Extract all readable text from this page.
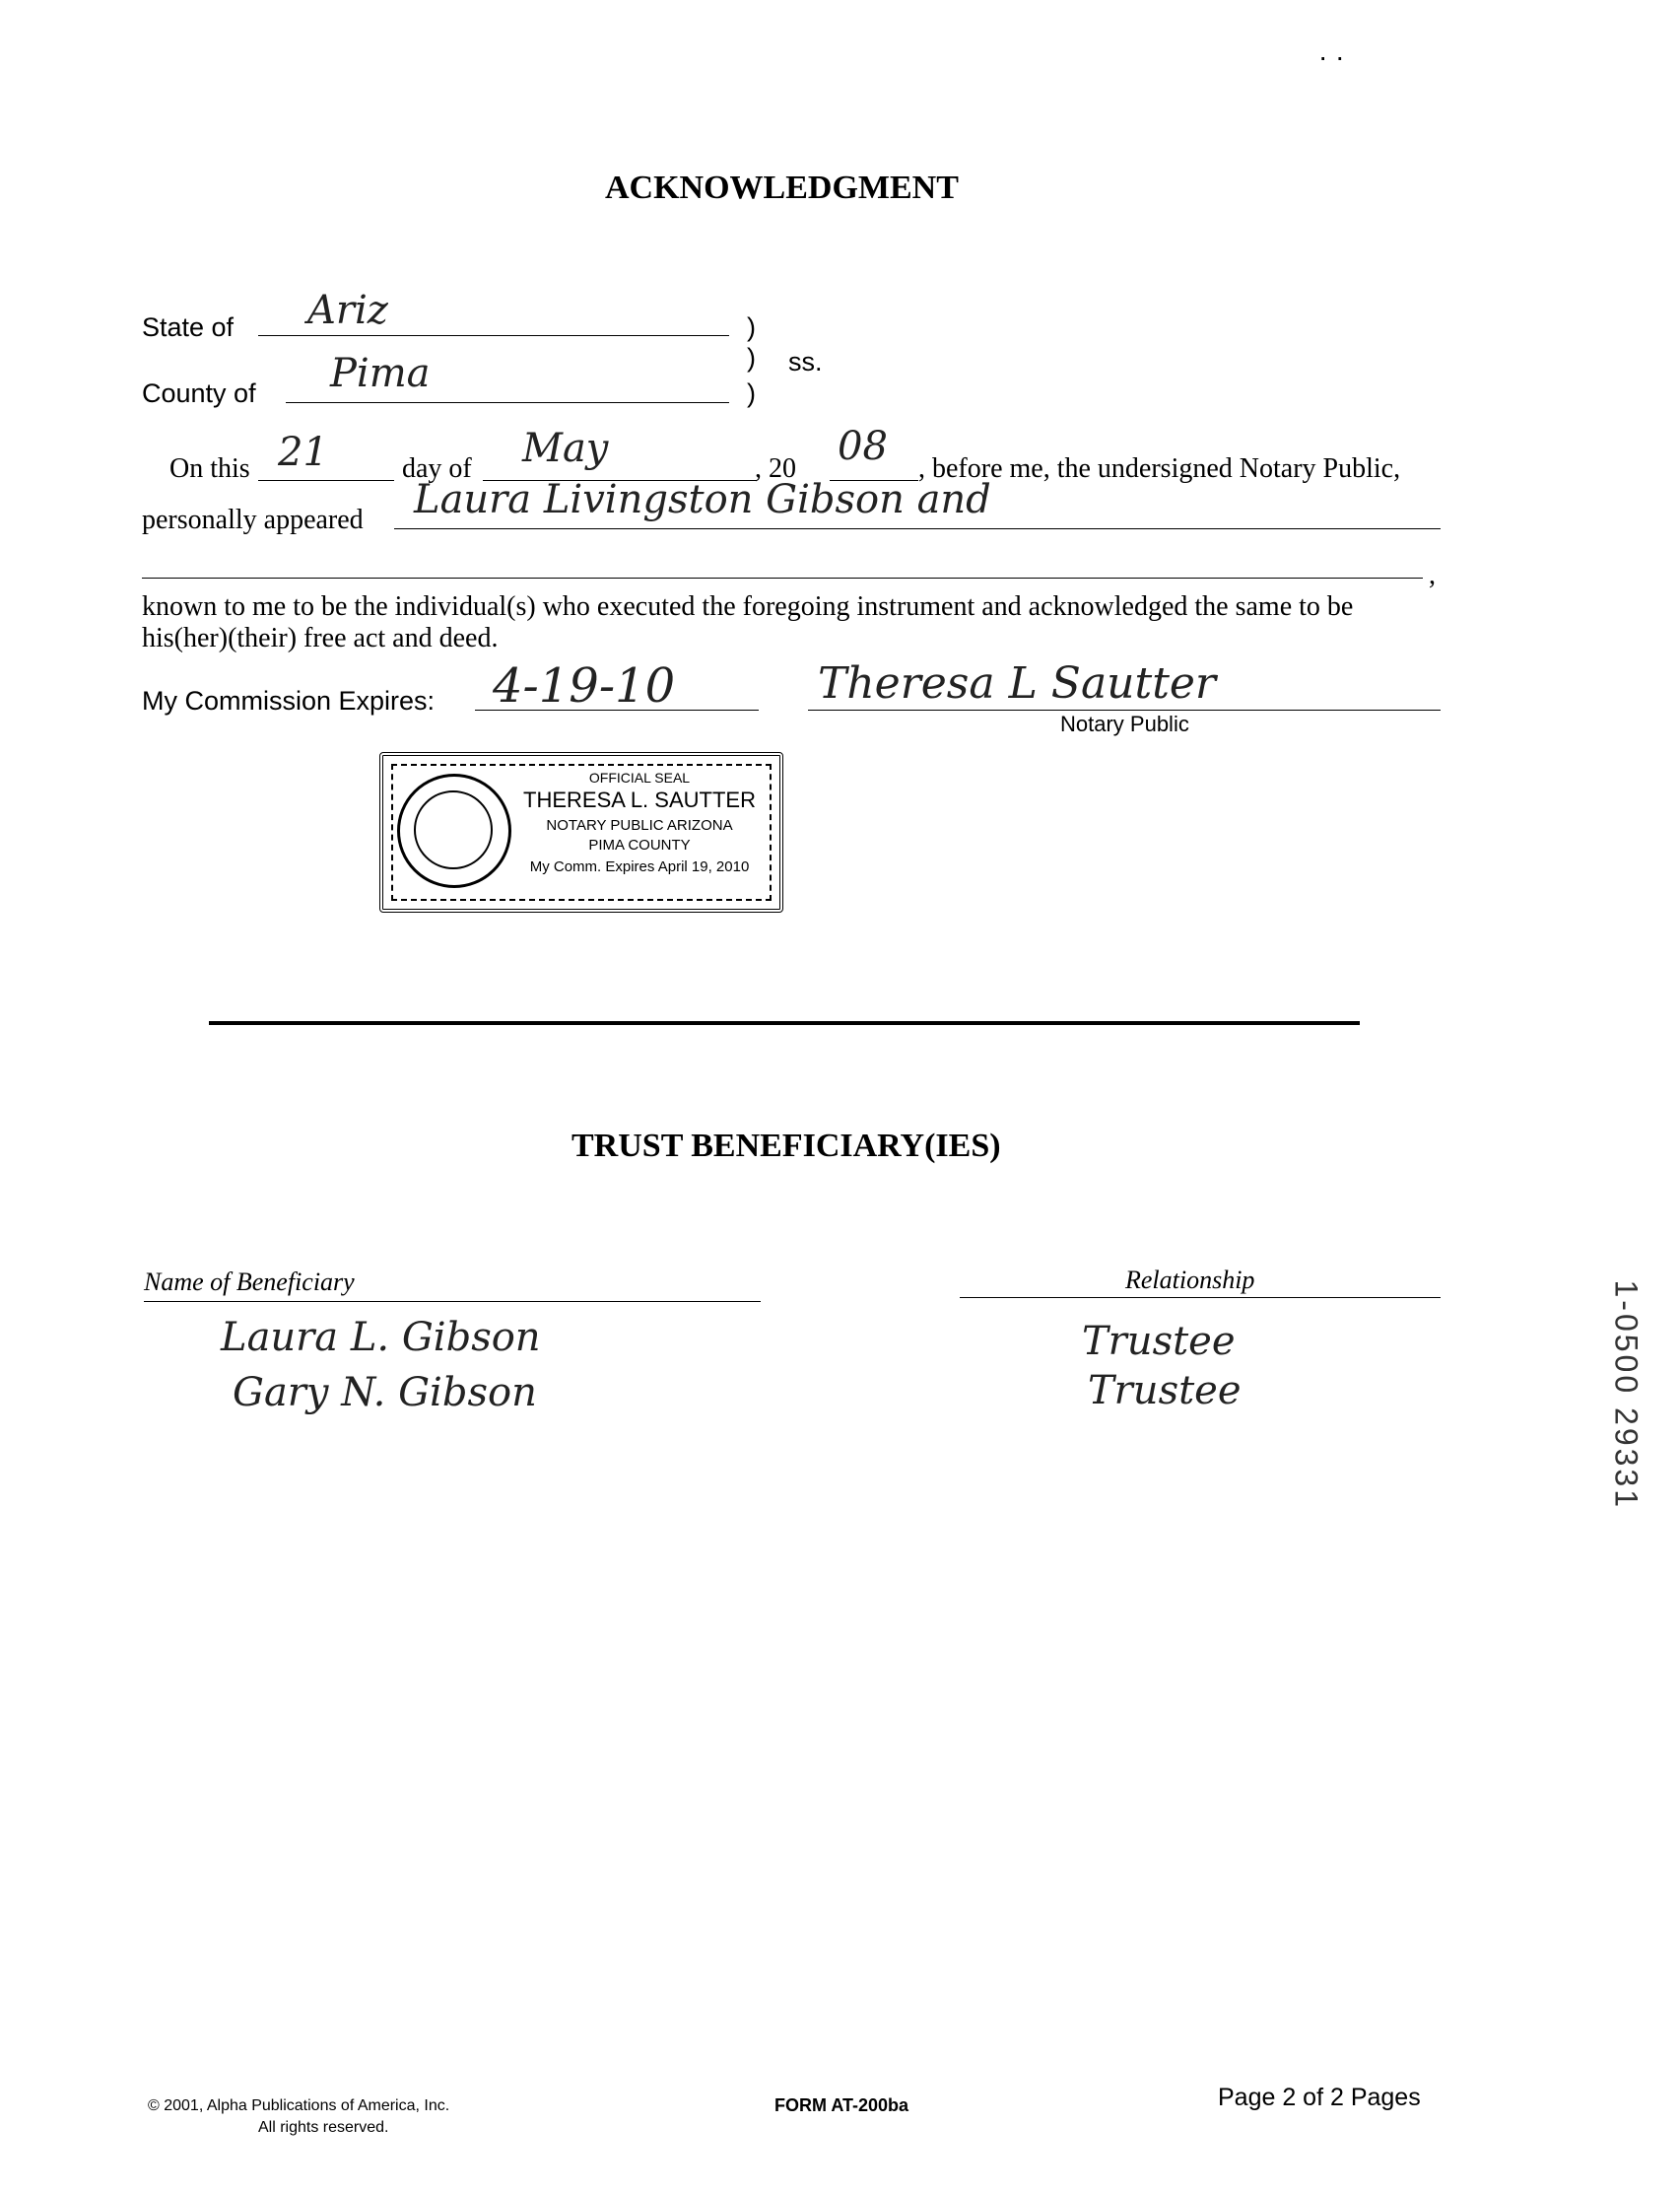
· ·
ACKNOWLEDGMENT
State of Ariz	)
) ss.
County of Pima	)
On this 21	day of May	, 20 08 , before me, the undersigned Notary Public,
personally appeared Laura Livingston Gibson and
,
known to me to be the individual(s) who executed the foregoing instrument and acknowledged the same to be
his(her)(their) free act and deed.
My Commission Expires: 4-19-10	Theresa L Sautter
Notary Public
OFFICIAL SEAL
THERESA L. SAUTTER
NOTARY PUBLIC ARIZONA
PIMA COUNTY
My Comm. Expires April 19, 2010
TRUST BENEFICIARY(IES)
Name of Beneficiary	Relationship
Laura L. Gibson	Trustee
Gary N. Gibson	Trustee	1-0500 29331
© 2001, Alpha Publications of America, Inc.
All rights reserved.
FORM AT-200ba	Page 2 of 2 Pages
